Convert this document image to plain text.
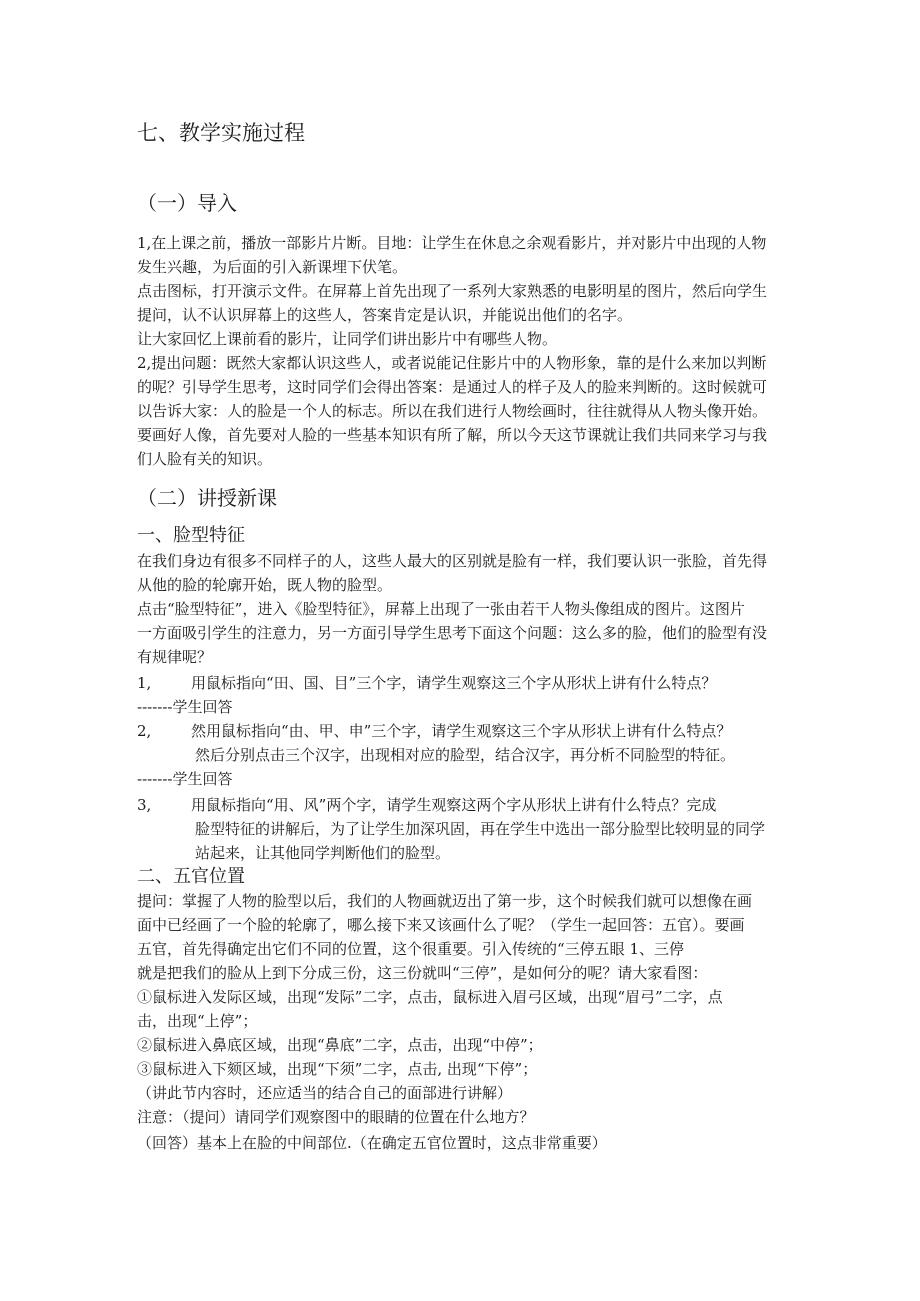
七、教学实施过程
（一）导入
1,在上课之前，播放一部影片片断。目地：让学生在休息之余观看影片，并对影片中出现的人物
发生兴趣，为后面的引入新课埋下伏笔。
点击图标，打开演示文件。在屏幕上首先出现了一系列大家熟悉的电影明星的图片，然后向学生
提问，认不认识屏幕上的这些人，答案肯定是认识，并能说出他们的名字。
让大家回忆上课前看的影片，让同学们讲出影片中有哪些人物。
2,提出问题：既然大家都认识这些人，或者说能记住影片中的人物形象，靠的是什么来加以判断
的呢？引导学生思考，这时同学们会得出答案：是通过人的样子及人的脸来判断的。这时候就可
以告诉大家：人的脸是一个人的标志。所以在我们进行人物绘画时，往往就得从人物头像开始。
要画好人像，首先要对人脸的一些基本知识有所了解，所以今天这节课就让我们共同来学习与我
们人脸有关的知识。
（二）讲授新课
一、脸型特征
在我们身边有很多不同样子的人，这些人最大的区别就是脸有一样，我们要认识一张脸，首先得
从他的脸的轮廓开始，既人物的脸型。
点击“脸型特征”，进入《脸型特征》，屏幕上出现了一张由若干人物头像组成的图片。这图片
一方面吸引学生的注意力，另一方面引导学生思考下面这个问题：这么多的脸，他们的脸型有没
有规律呢？
1,	用鼠标指向“田、国、目”三个字，请学生观察这三个字从形状上讲有什么特点？
-------学生回答
2,	然用鼠标指向“由、甲、申”三个字，请学生观察这三个字从形状上讲有什么特点？
然后分别点击三个汉字，出现相对应的脸型，结合汉字，再分析不同脸型的特征。
-------学生回答
3,	用鼠标指向“用、风”两个字，请学生观察这两个字从形状上讲有什么特点？完成
脸型特征的讲解后，为了让学生加深巩固，再在学生中选出一部分脸型比较明显的同学
站起来，让其他同学判断他们的脸型。
二、五官位置
提问：掌握了人物的脸型以后，我们的人物画就迈出了第一步，这个时候我们就可以想像在画
面中已经画了一个脸的轮廓了，哪么接下来又该画什么了呢？（学生一起回答：五官）。要画
五官，首先得确定出它们不同的位置，这个很重要。引入传统的“三停五眼 1、三停
就是把我们的脸从上到下分成三份，这三份就叫“三停”，是如何分的呢？请大家看图：
①鼠标进入发际区域，出现“发际”二字，点击，鼠标进入眉弓区域，出现“眉弓”二字，点
击，出现“上停”；
②鼠标进入鼻底区域，出现“鼻底”二字，点击，出现“中停”；
③鼠标进入下颏区域，出现“下须”二字，点击, 出现“下停”；
（讲此节内容时，还应适当的结合自己的面部进行讲解）
注意：（提问）请同学们观察图中的眼睛的位置在什么地方？
（回答）基本上在脸的中间部位.（在确定五官位置时，这点非常重要）
